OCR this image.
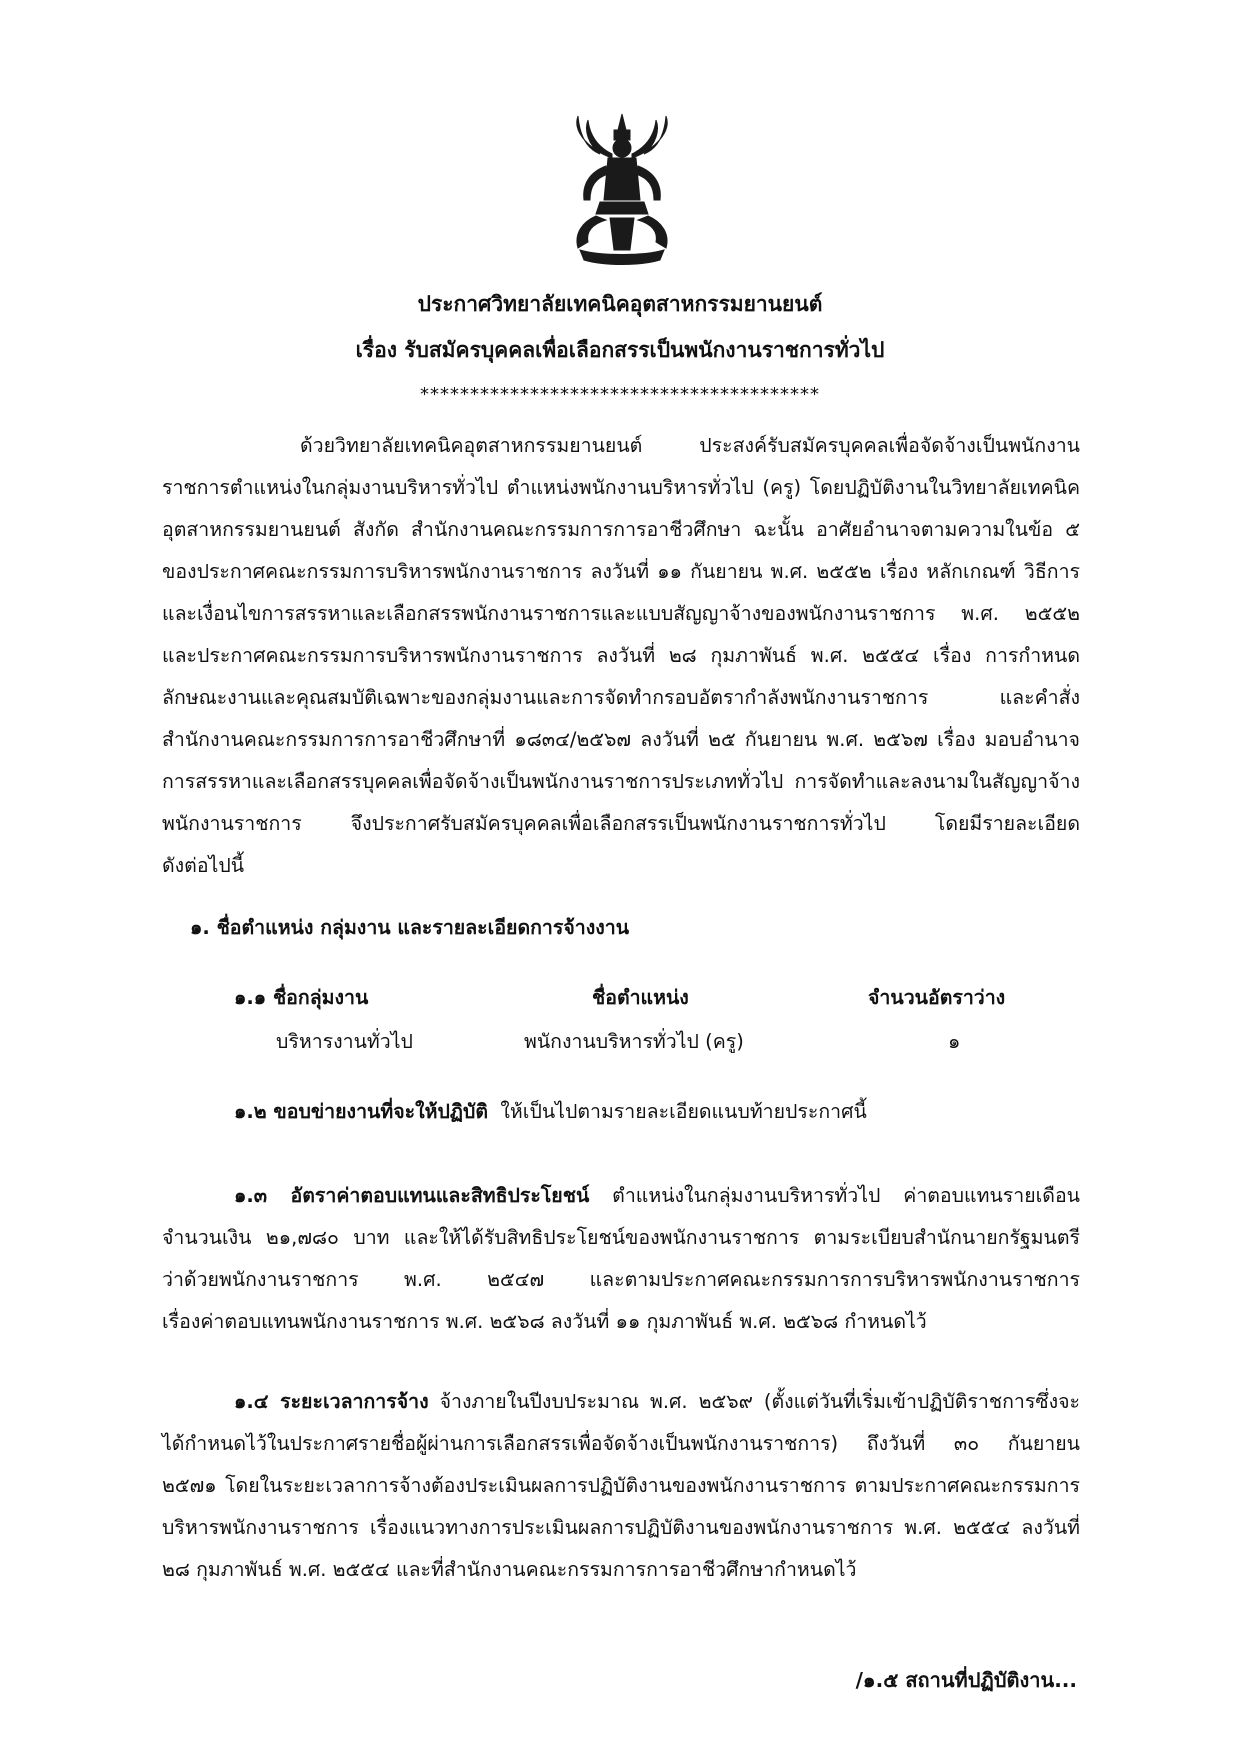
ประกาศวิทยาลัยเทคนิคอุตสาหกรรมยานยนต์
เรื่อง รับสมัครบุคคลเพื่อเลือกสรรเป็นพนักงานราชการทั่วไป
****************************************
ด้วยวิทยาลัยเทคนิคอุตสาหกรรมยานยนต์ ประสงค์รับสมัครบุคคลเพื่อจัดจ้างเป็นพนักงาน
ราชการตำแหน่งในกลุ่มงานบริหารทั่วไป ตำแหน่งพนักงานบริหารทั่วไป (ครู) โดยปฏิบัติงานในวิทยาลัยเทคนิค
อุตสาหกรรมยานยนต์ สังกัด สำนักงานคณะกรรมการการอาชีวศึกษา ฉะนั้น อาศัยอำนาจตามความในข้อ ๕
ของประกาศคณะกรรมการบริหารพนักงานราชการ ลงวันที่ ๑๑ กันยายน พ.ศ. ๒๕๕๒ เรื่อง หลักเกณฑ์ วิธีการ
และเงื่อนไขการสรรหาและเลือกสรรพนักงานราชการและแบบสัญญาจ้างของพนักงานราชการ พ.ศ. ๒๕๕๒
และประกาศคณะกรรมการบริหารพนักงานราชการ ลงวันที่ ๒๘ กุมภาพันธ์ พ.ศ. ๒๕๕๔ เรื่อง การกำหนด
ลักษณะงานและคุณสมบัติเฉพาะของกลุ่มงานและการจัดทำกรอบอัตรากำลังพนักงานราชการ และคำสั่ง
สำนักงานคณะกรรมการการอาชีวศึกษาที่ ๑๘๓๔/๒๕๖๗ ลงวันที่ ๒๕ กันยายน พ.ศ. ๒๕๖๗ เรื่อง มอบอำนาจ
การสรรหาและเลือกสรรบุคคลเพื่อจัดจ้างเป็นพนักงานราชการประเภททั่วไป การจัดทำและลงนามในสัญญาจ้าง
พนักงานราชการ จึงประกาศรับสมัครบุคคลเพื่อเลือกสรรเป็นพนักงานราชการทั่วไป โดยมีรายละเอียด
ดังต่อไปนี้
๑. ชื่อตำแหน่ง กลุ่มงาน และรายละเอียดการจ้างงาน
๑.๑ ชื่อกลุ่มงาน	ชื่อตำแหน่ง	จำนวนอัตราว่าง
บริหารงานทั่วไป	พนักงานบริหารทั่วไป (ครู)	๑
๑.๒ ขอบข่ายงานที่จะให้ปฏิบัติ ให้เป็นไปตามรายละเอียดแนบท้ายประกาศนี้
๑.๓ อัตราค่าตอบแทนและสิทธิประโยชน์ ตำแหน่งในกลุ่มงานบริหารทั่วไป ค่าตอบแทนรายเดือน
จำนวนเงิน ๒๑,๗๘๐ บาท และให้ได้รับสิทธิประโยชน์ของพนักงานราชการ ตามระเบียบสำนักนายกรัฐมนตรี
ว่าด้วยพนักงานราชการ พ.ศ. ๒๕๔๗ และตามประกาศคณะกรรมการการบริหารพนักงานราชการ
เรื่องค่าตอบแทนพนักงานราชการ พ.ศ. ๒๕๖๘ ลงวันที่ ๑๑ กุมภาพันธ์ พ.ศ. ๒๕๖๘ กำหนดไว้
๑.๔ ระยะเวลาการจ้าง จ้างภายในปีงบประมาณ พ.ศ. ๒๕๖๙ (ตั้งแต่วันที่เริ่มเข้าปฏิบัติราชการซึ่งจะ
ได้กำหนดไว้ในประกาศรายชื่อผู้ผ่านการเลือกสรรเพื่อจัดจ้างเป็นพนักงานราชการ) ถึงวันที่ ๓๐ กันยายน
๒๕๗๑ โดยในระยะเวลาการจ้างต้องประเมินผลการปฏิบัติงานของพนักงานราชการ ตามประกาศคณะกรรมการ
บริหารพนักงานราชการ เรื่องแนวทางการประเมินผลการปฏิบัติงานของพนักงานราชการ พ.ศ. ๒๕๕๔ ลงวันที่
๒๘ กุมภาพันธ์ พ.ศ. ๒๕๕๔ และที่สำนักงานคณะกรรมการการอาชีวศึกษากำหนดไว้
/๑.๕ สถานที่ปฏิบัติงาน...
